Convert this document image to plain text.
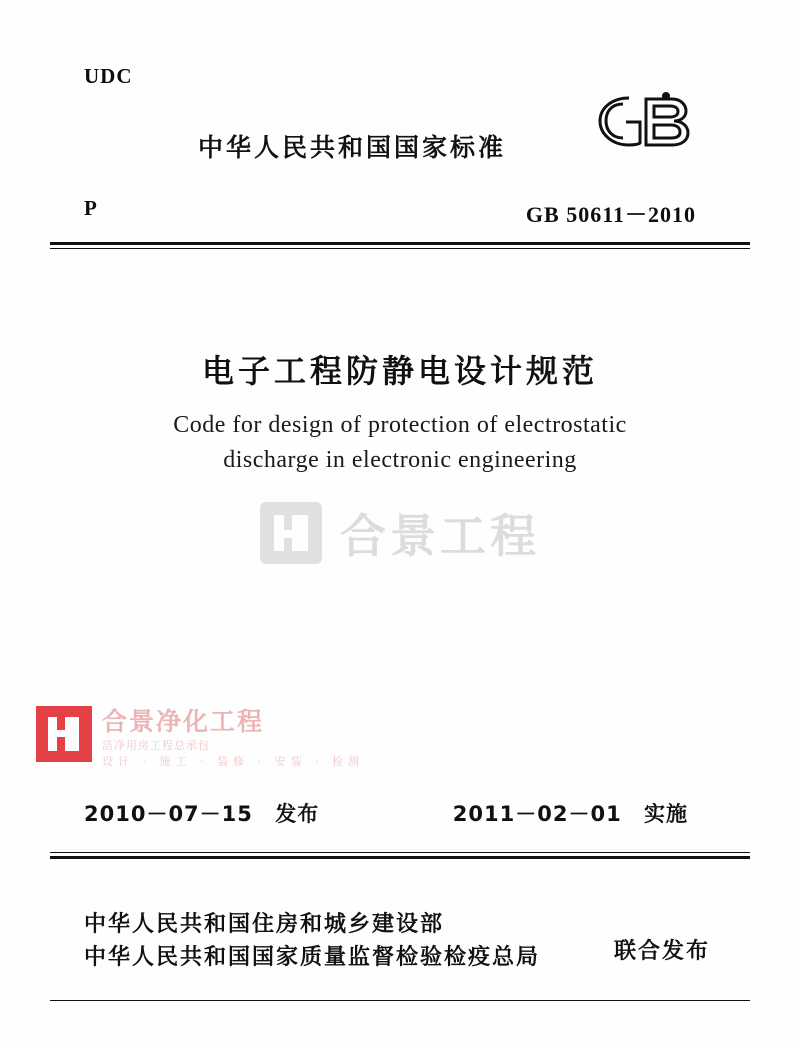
UDC
P
中华人民共和国国家标准
GB 50611－2010
电子工程防静电设计规范
Code for design of protection of electrostatic
discharge in electronic engineering
合景工程
合景净化工程
洁净用房工程总承包
设计 · 施工 · 装修 · 安装 · 检测
2010－07－15 发布	2011－02－01 实施
中华人民共和国住房和城乡建设部
中华人民共和国国家质量监督检验检疫总局	联合发布
